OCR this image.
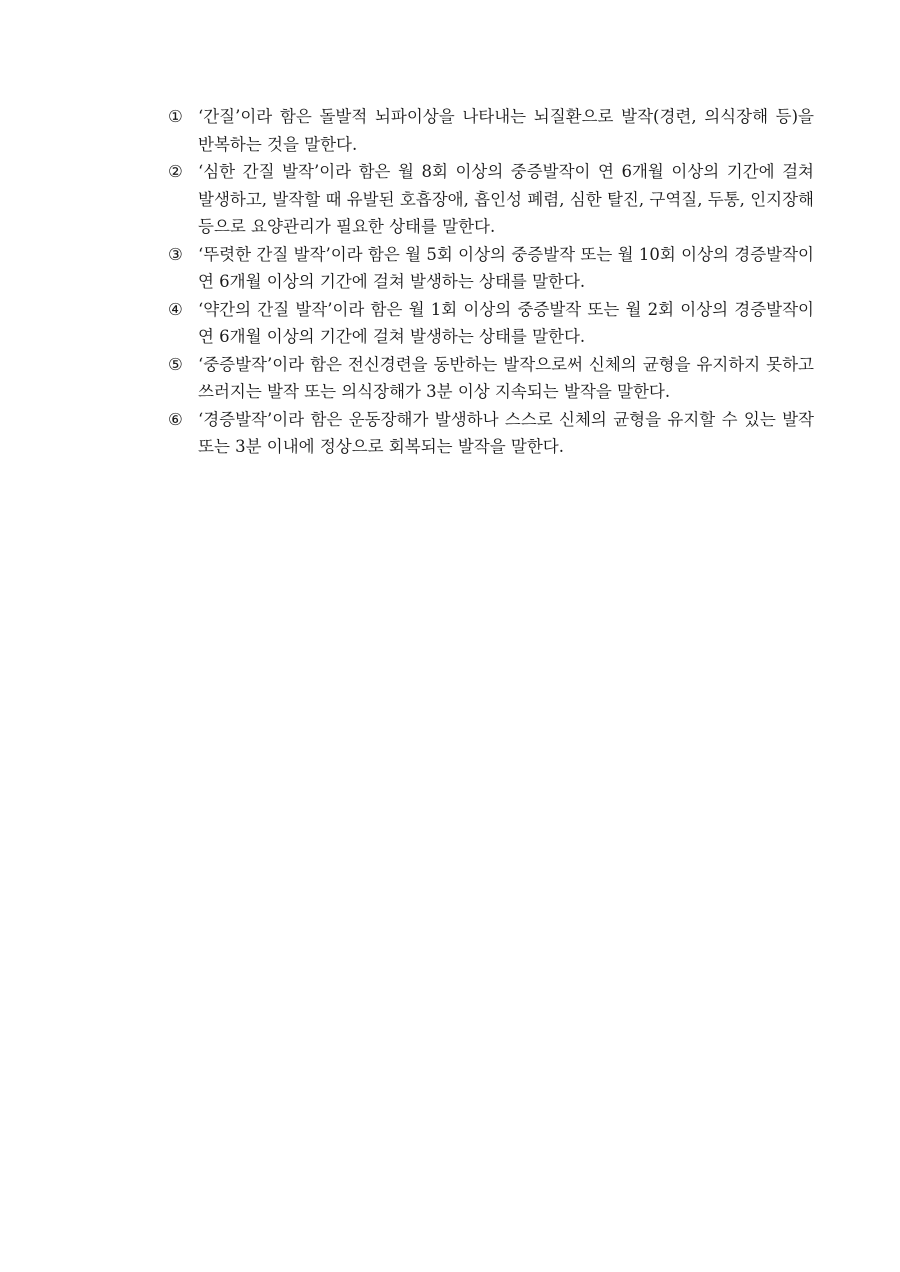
① ‘간질’이라 함은 돌발적 뇌파이상을 나타내는 뇌질환으로 발작(경련, 의식장해 등)을 반복하는 것을 말한다.
② ‘심한 간질 발작’이라 함은 월 8회 이상의 중증발작이 연 6개월 이상의 기간에 걸쳐 발생하고, 발작할 때 유발된 호흡장애, 흡인성 폐렴, 심한 탈진, 구역질, 두통, 인지장해 등으로 요양관리가 필요한 상태를 말한다.
③ ‘뚜렷한 간질 발작’이라 함은 월 5회 이상의 중증발작 또는 월 10회 이상의 경증발작이 연 6개월 이상의 기간에 걸쳐 발생하는 상태를 말한다.
④ ‘약간의 간질 발작’이라 함은 월 1회 이상의 중증발작 또는 월 2회 이상의 경증발작이 연 6개월 이상의 기간에 걸쳐 발생하는 상태를 말한다.
⑤ ‘중증발작’이라 함은 전신경련을 동반하는 발작으로써 신체의 균형을 유지하지 못하고 쓰러지는 발작 또는 의식장해가 3분 이상 지속되는 발작을 말한다.
⑥ ‘경증발작’이라 함은 운동장해가 발생하나 스스로 신체의 균형을 유지할 수 있는 발작 또는 3분 이내에 정상으로 회복되는 발작을 말한다.
